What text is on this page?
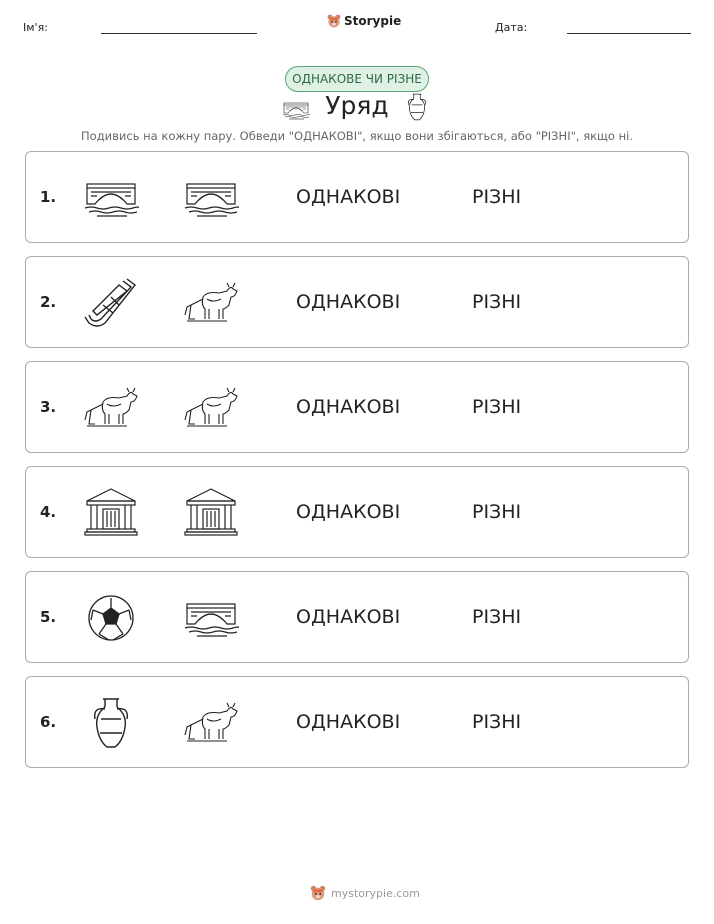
Ім'я:	Storypie	Дата:
ОДНАКОВЕ ЧИ РІЗНЕ
Уряд
Подивись на кожну пару. Обведи "ОДНАКОВІ", якщо вони збігаються, або "РІЗНІ", якщо ні.
1.	ОДНАКОВІ	РІЗНІ
2.	ОДНАКОВІ	РІЗНІ
3.	ОДНАКОВІ	РІЗНІ
4.	ОДНАКОВІ	РІЗНІ
5.	ОДНАКОВІ	РІЗНІ
6.	ОДНАКОВІ	РІЗНІ
mystorypie.com
